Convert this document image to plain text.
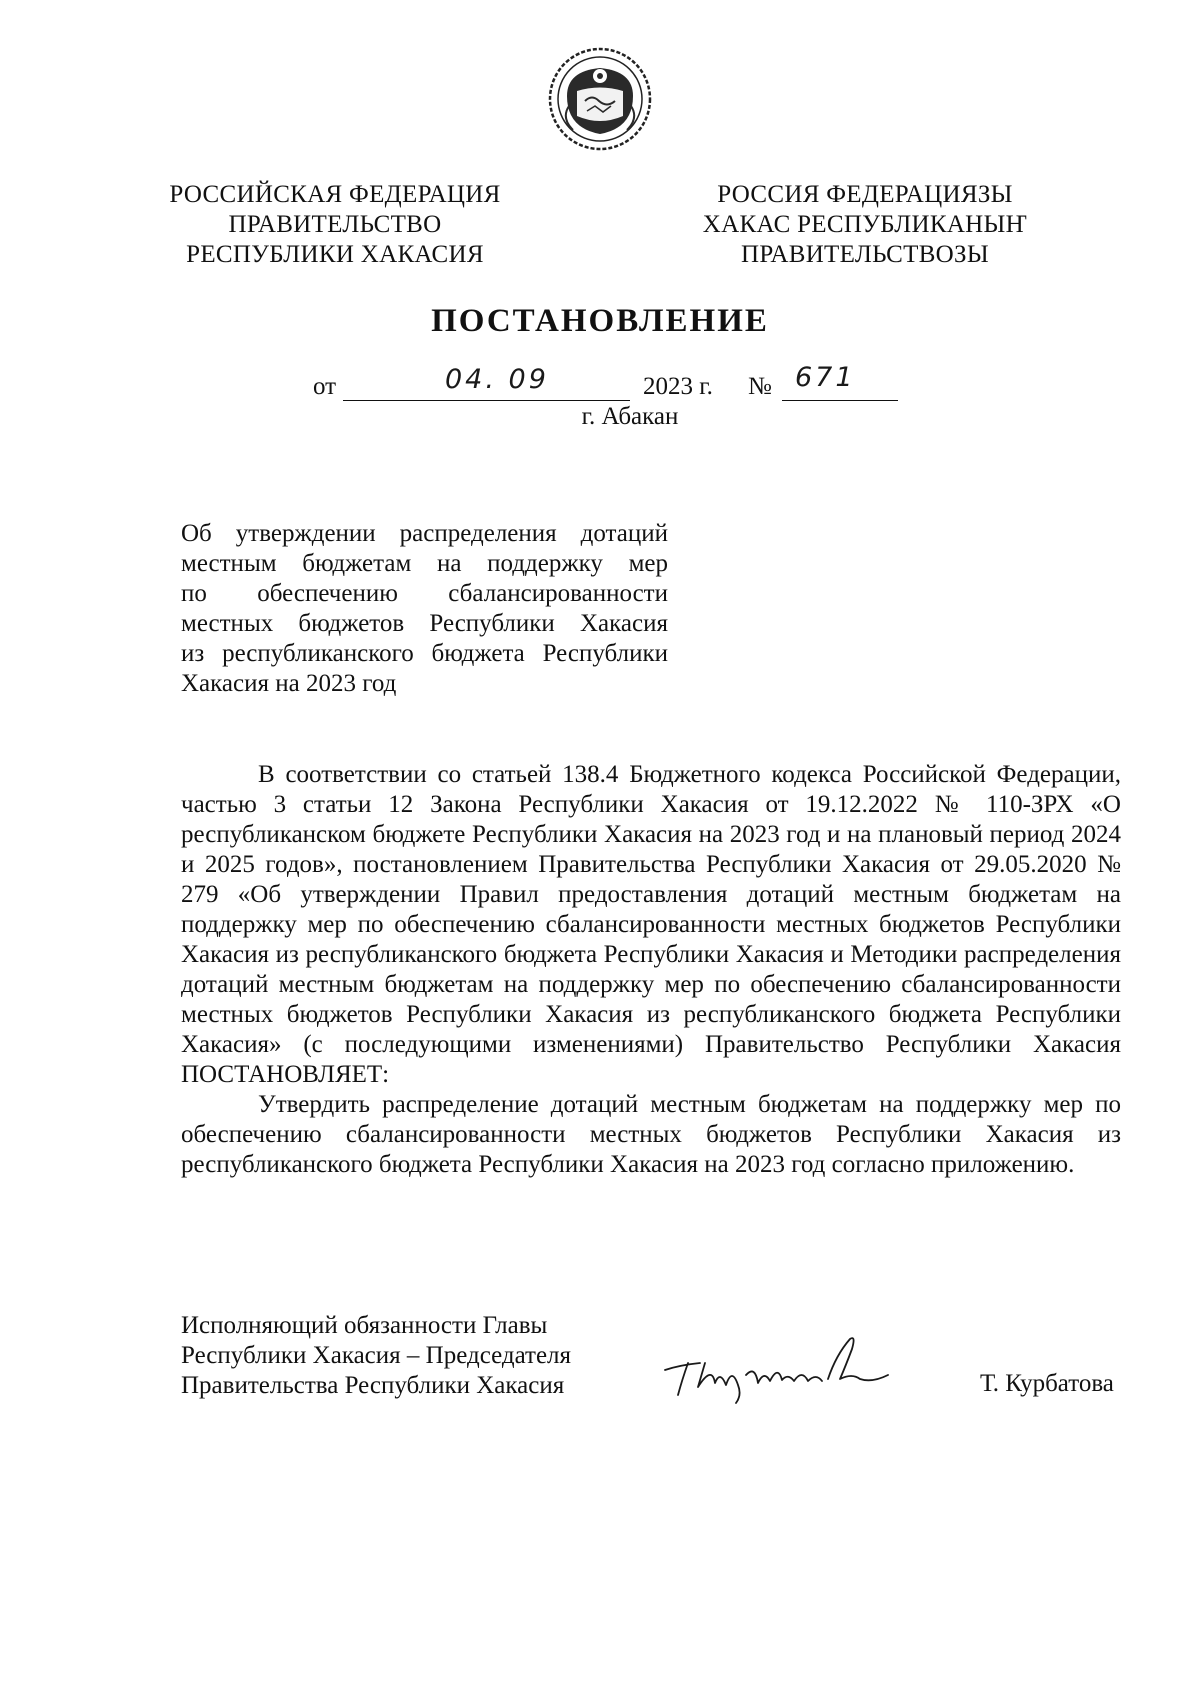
РОССИЙСКАЯ ФЕДЕРАЦИЯ
ПРАВИТЕЛЬСТВО
РЕСПУБЛИКИ ХАКАСИЯ
РОССИЯ ФЕДЕРАЦИЯЗЫ
ХАКАС РЕСПУБЛИКАНЫҤ
ПРАВИТЕЛЬСТВОЗЫ
ПОСТАНОВЛЕНИЕ
от	04. 09	2023 г. № 671
г. Абакан
Об утверждении распределения дотаций
местным бюджетам на поддержку мер
по обеспечению сбалансированности
местных бюджетов Республики Хакасия
из республиканского бюджета Республики
Хакасия на 2023 год

В соответствии со статьей 138.4 Бюджетного кодекса Российской Федерации, частью 3 статьи 12 Закона Республики Хакасия от 19.12.2022 № 110-ЗРХ «О республиканском бюджете Республики Хакасия на 2023 год и на плановый период 2024 и 2025 годов», постановлением Правительства Республики Хакасия от 29.05.2020 № 279 «Об утверждении Правил предоставления дотаций местным бюджетам на поддержку мер по обеспечению сбалансированности местных бюджетов Республики Хакасия из республиканского бюджета Республики Хакасия и Методики распределения дотаций местным бюджетам на поддержку мер по обеспечению сбалансированности местных бюджетов Республики Хакасия из республиканского бюджета Республики Хакасия» (с последующими изменениями) Правительство Республики Хакасия ПОСТАНОВЛЯЕТ:

Утвердить распределение дотаций местным бюджетам на поддержку мер по обеспечению сбалансированности местных бюджетов Республики Хакасия из республиканского бюджета Республики Хакасия на 2023 год согласно приложению.

Исполняющий обязанности Главы
Республики Хакасия – Председателя
Правительства Республики Хакасия	Т. Курбатова
